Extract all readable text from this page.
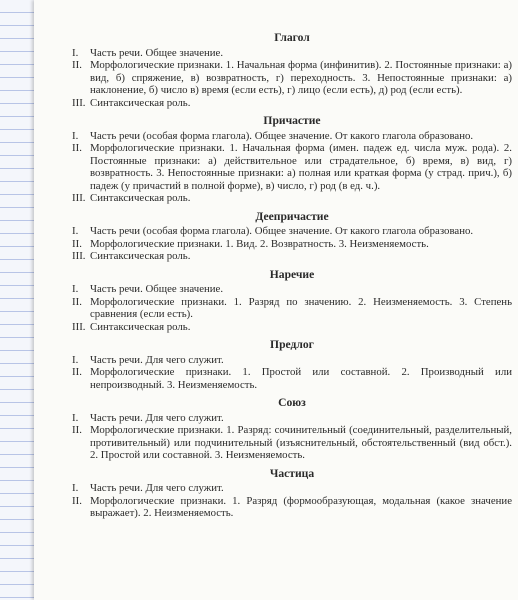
Глагол
I.	Часть речи. Общее значение.
II. Морфологические признаки. 1. Начальная форма (инфинитив). 2. Постоянные признаки: а) вид, б) спряжение, в) возвратность, г) переходность. 3. Непостоянные признаки: а) наклонение, б) число в) время (если есть), г) лицо (если есть), д) род (если есть).
III. Синтаксическая роль.
Причастие
I.	Часть речи (особая форма глагола). Общее значение. От какого глагола образовано.
II. Морфологические признаки. 1. Начальная форма (имен. падеж ед. числа муж. рода). 2. Постоянные признаки: а) действительное или страдательное, б) время, в) вид, г) возвратность. 3. Непостоянные признаки: а) полная или краткая форма (у страд. прич.), б) падеж (у причастий в полной форме), в) число, г) род (в ед. ч.).
III. Синтаксическая роль.
Деепричастие
I.	Часть речи (особая форма глагола). Общее значение. От какого глагола образовано.
II. Морфологические признаки. 1. Вид. 2. Возвратность. 3. Неизменяемость.
III. Синтаксическая роль.
Наречие
I.	Часть речи. Общее значение.
II. Морфологические признаки. 1. Разряд по значению. 2. Неизменяемость. 3. Степень сравнения (если есть).
III. Синтаксическая роль.
Предлог
I.	Часть речи. Для чего служит.
II. Морфологические признаки. 1. Простой или составной. 2. Производный или непроизводный. 3. Неизменяемость.
Союз
I.	Часть речи. Для чего служит.
II. Морфологические признаки. 1. Разряд: сочинительный (соединительный, разделительный, противительный) или подчинительный (изъяснительный, обстоятельственный (вид обст.). 2. Простой или составной. 3. Неизменяемость.
Частица
I.	Часть речи. Для чего служит.
II. Морфологические признаки. 1. Разряд (формообразующая, модальная (какое значение выражает). 2. Неизменяемость.
